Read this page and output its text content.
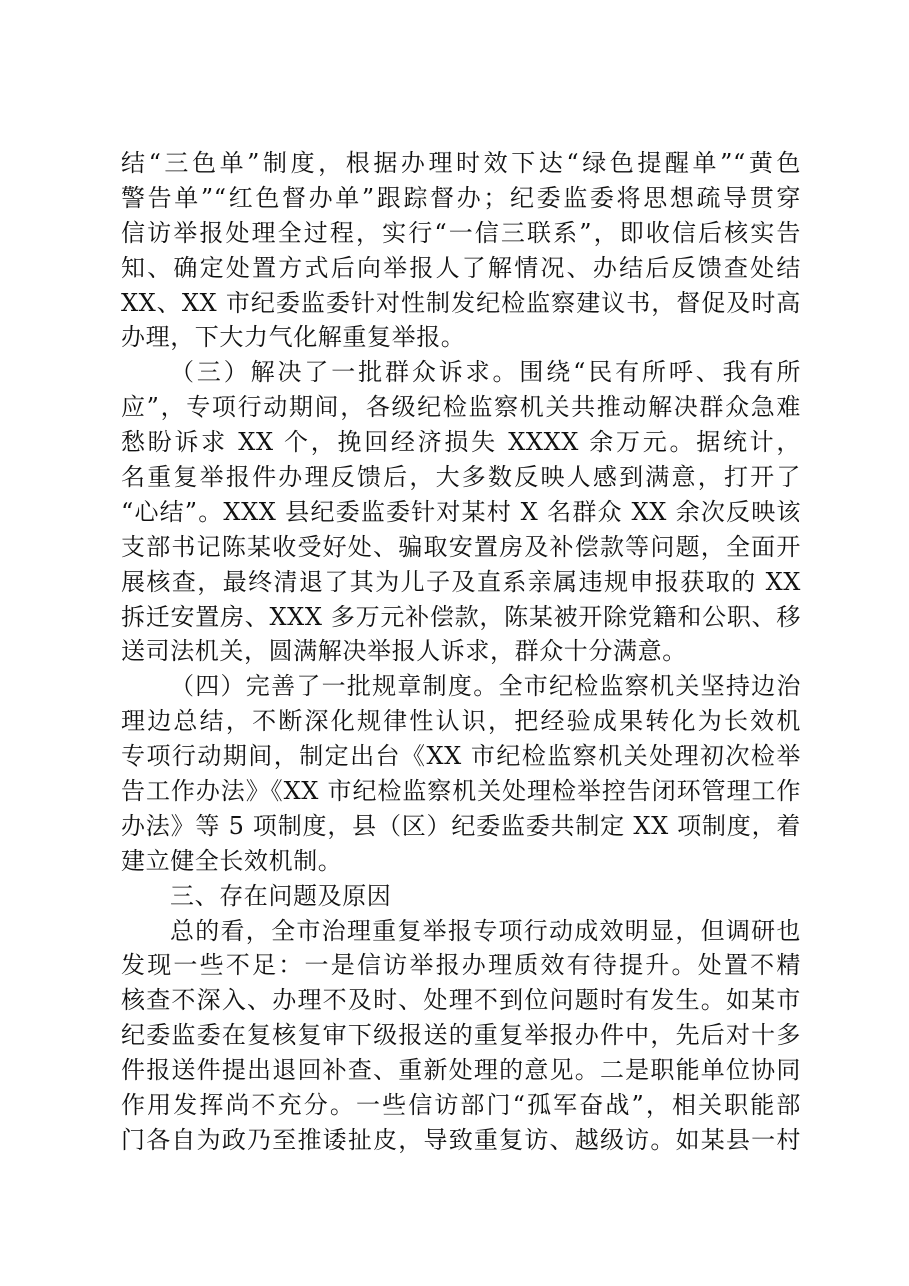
结“三色单”制度，根据办理时效下达“绿色提醒单”“黄色
警告单”“红色督办单”跟踪督办；纪委监委将思想疏导贯穿
信访举报处理全过程，实行“一信三联系”，即收信后核实告
知、确定处置方式后向举报人了解情况、办结后反馈查处结
XX、XX 市纪委监委针对性制发纪检监察建议书，督促及时高
办理，下大力气化解重复举报。
（三）解决了一批群众诉求。围绕“民有所呼、我有所
应”，专项行动期间，各级纪检监察机关共推动解决群众急难
愁盼诉求 XX 个，挽回经济损失 XXXX 余万元。据统计，
名重复举报件办理反馈后，大多数反映人感到满意，打开了
“心结”。XXX 县纪委监委针对某村 X 名群众 XX 余次反映该
支部书记陈某收受好处、骗取安置房及补偿款等问题，全面开
展核查，最终清退了其为儿子及直系亲属违规申报获取的 XX
拆迁安置房、XXX 多万元补偿款，陈某被开除党籍和公职、移
送司法机关，圆满解决举报人诉求，群众十分满意。
（四）完善了一批规章制度。全市纪检监察机关坚持边治
理边总结，不断深化规律性认识，把经验成果转化为长效机
专项行动期间，制定出台《XX 市纪检监察机关处理初次检举
告工作办法》《XX 市纪检监察机关处理检举控告闭环管理工作
办法》等 5 项制度，县（区）纪委监委共制定 XX 项制度，着
建立健全长效机制。
三、存在问题及原因
总的看，全市治理重复举报专项行动成效明显，但调研也
发现一些不足：一是信访举报办理质效有待提升。处置不精
核查不深入、办理不及时、处理不到位问题时有发生。如某市
纪委监委在复核复审下级报送的重复举报办件中，先后对十多
件报送件提出退回补查、重新处理的意见。二是职能单位协同
作用发挥尚不充分。一些信访部门“孤军奋战”，相关职能部
门各自为政乃至推诿扯皮，导致重复访、越级访。如某县一村
